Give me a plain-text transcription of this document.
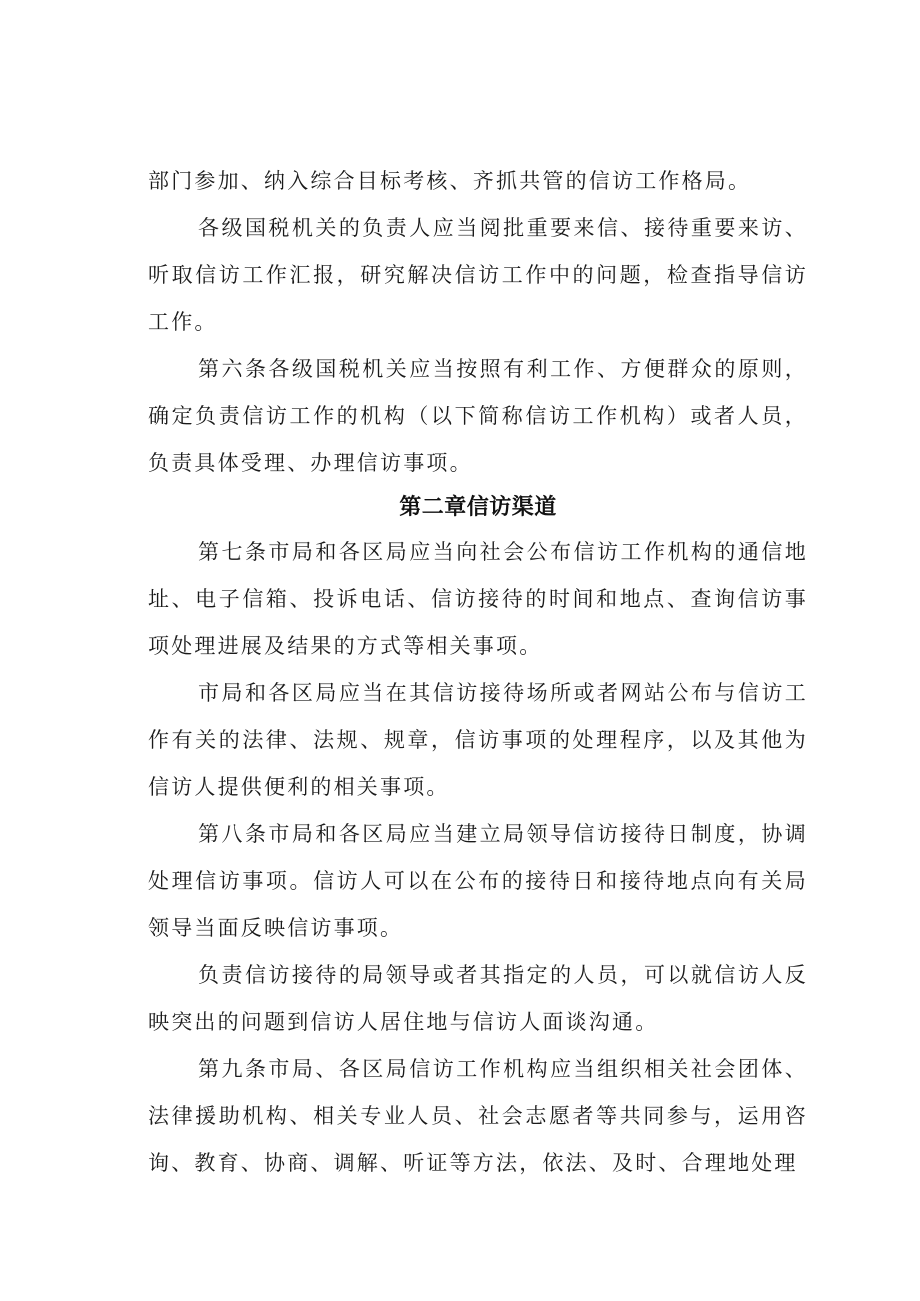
部门参加、纳入综合目标考核、齐抓共管的信访工作格局。

各级国税机关的负责人应当阅批重要来信、接待重要来访、听取信访工作汇报，研究解决信访工作中的问题，检查指导信访工作。

第六条各级国税机关应当按照有利工作、方便群众的原则，确定负责信访工作的机构（以下简称信访工作机构）或者人员，负责具体受理、办理信访事项。

第二章信访渠道

第七条市局和各区局应当向社会公布信访工作机构的通信地址、电子信箱、投诉电话、信访接待的时间和地点、查询信访事项处理进展及结果的方式等相关事项。

市局和各区局应当在其信访接待场所或者网站公布与信访工作有关的法律、法规、规章，信访事项的处理程序，以及其他为信访人提供便利的相关事项。

第八条市局和各区局应当建立局领导信访接待日制度，协调处理信访事项。信访人可以在公布的接待日和接待地点向有关局领导当面反映信访事项。

负责信访接待的局领导或者其指定的人员，可以就信访人反映突出的问题到信访人居住地与信访人面谈沟通。

第九条市局、各区局信访工作机构应当组织相关社会团体、法律援助机构、相关专业人员、社会志愿者等共同参与，运用咨询、教育、协商、调解、听证等方法，依法、及时、合理地处理
